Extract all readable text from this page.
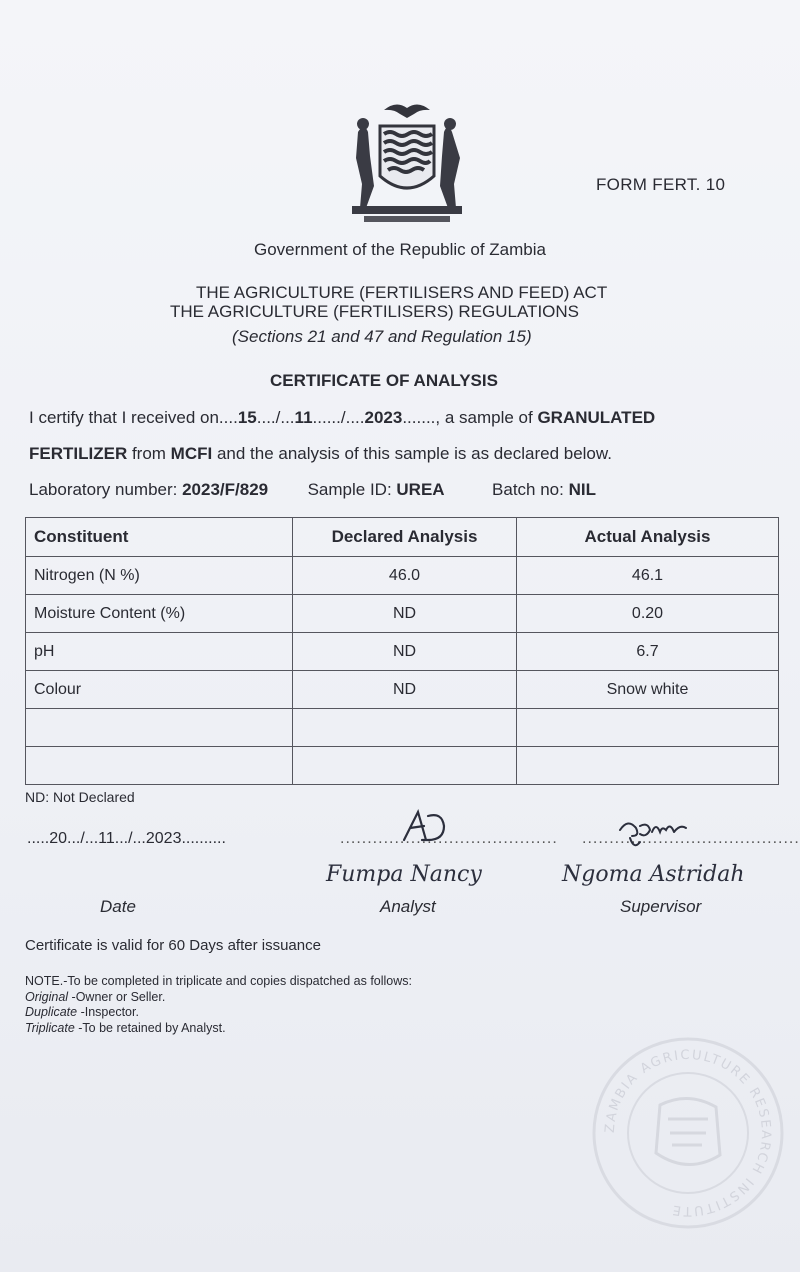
FORM FERT. 10
Government of the Republic of Zambia
THE AGRICULTURE (FERTILISERS AND FEED) ACT
THE AGRICULTURE (FERTILISERS) REGULATIONS
(Sections 21 and 47 and Regulation 15)
CERTIFICATE OF ANALYSIS
I certify that I received on....15..../...11....../....2023......., a sample of GRANULATED
FERTILIZER from MCFI and the analysis of this sample is as declared below.
Laboratory number: 2023/F/829 Sample ID: UREA	Batch no: NIL
Constituent	Declared Analysis	Actual Analysis
Nitrogen (N %)	46.0	46.1
Moisture Content (%)	ND	0.20
pH	ND	6.7
Colour	ND	Snow white

ND: Not Declared
.....20.../...11.../...2023..........	........................................ ........................................
Fumpa Nancy	Ngoma Astridah
Date	Analyst	Supervisor
Certificate is valid for 60 Days after issuance
NOTE.-To be completed in triplicate and copies dispatched as follows:
Original -Owner or Seller.
Duplicate -Inspector.
Triplicate -To be retained by Analyst.
ZAMBIA AGRICULTURE RESEARCH INSTITUTE
